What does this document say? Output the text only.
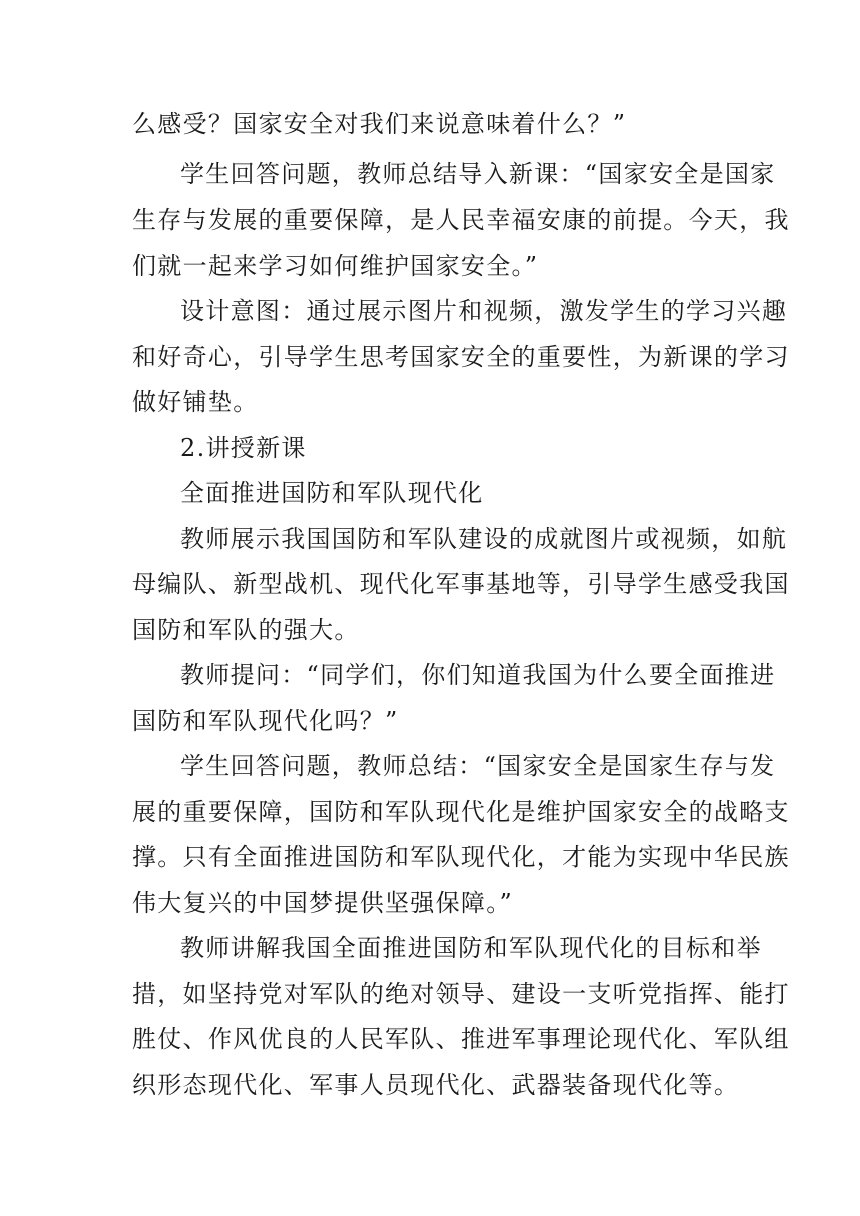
么感受？国家安全对我们来说意味着什么？”
学生回答问题，教师总结导入新课：“国家安全是国家
生存与发展的重要保障，是人民幸福安康的前提。今天，我
们就一起来学习如何维护国家安全。”
设计意图：通过展示图片和视频，激发学生的学习兴趣
和好奇心，引导学生思考国家安全的重要性，为新课的学习
做好铺垫。
2.讲授新课
全面推进国防和军队现代化
教师展示我国国防和军队建设的成就图片或视频，如航
母编队、新型战机、现代化军事基地等，引导学生感受我国
国防和军队的强大。
教师提问：“同学们，你们知道我国为什么要全面推进
国防和军队现代化吗？”
学生回答问题，教师总结：“国家安全是国家生存与发
展的重要保障，国防和军队现代化是维护国家安全的战略支
撑。只有全面推进国防和军队现代化，才能为实现中华民族
伟大复兴的中国梦提供坚强保障。”
教师讲解我国全面推进国防和军队现代化的目标和举
措，如坚持党对军队的绝对领导、建设一支听党指挥、能打
胜仗、作风优良的人民军队、推进军事理论现代化、军队组
织形态现代化、军事人员现代化、武器装备现代化等。
